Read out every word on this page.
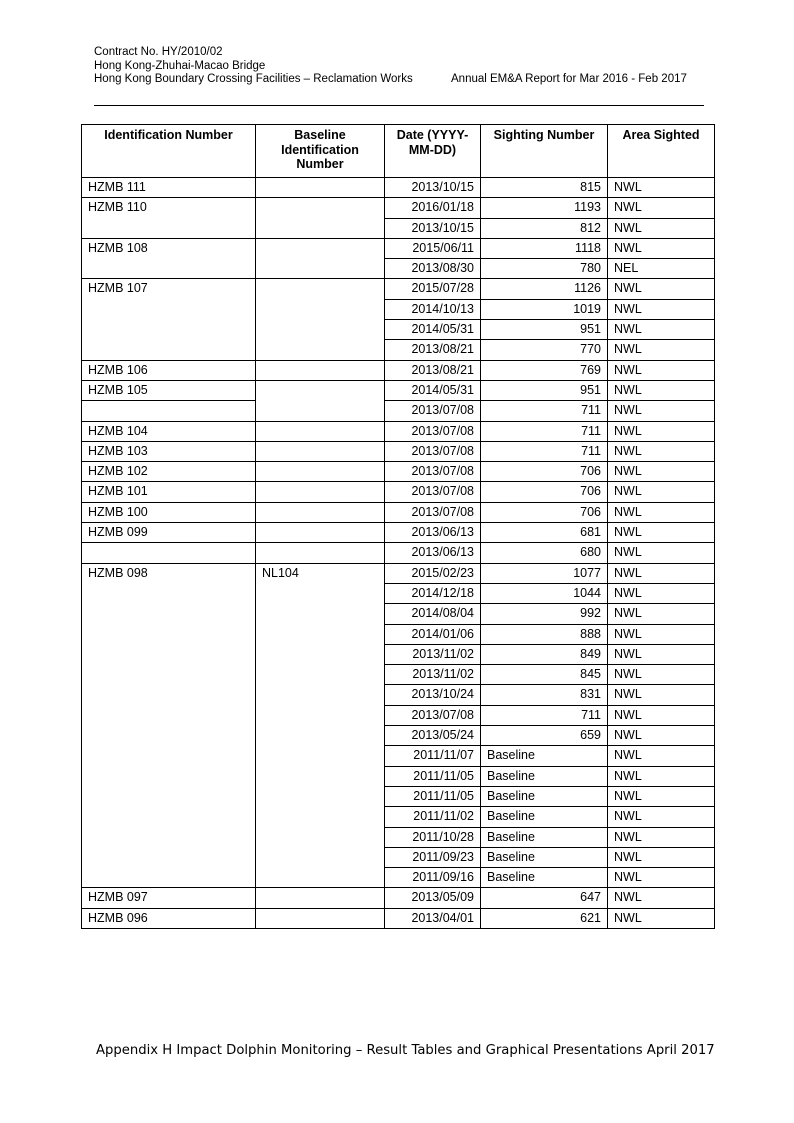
Contract No. HY/2010/02
Hong Kong-Zhuhai-Macao Bridge
Hong Kong Boundary Crossing Facilities – Reclamation Works	Annual EM&A Report for Mar 2016 - Feb 2017
Identification Number	Baseline Identification Number	Date (YYYY-MM-DD)	Sighting Number	Area Sighted
HZMB 111		2013/10/15	815	NWL
HZMB 110		2016/01/18	1193	NWL
		2013/10/15	812	NWL
HZMB 108		2015/06/11	1118	NWL
		2013/08/30	780	NEL
HZMB 107		2015/07/28	1126	NWL
		2014/10/13	1019	NWL
		2014/05/31	951	NWL
		2013/08/21	770	NWL
HZMB 106		2013/08/21	769	NWL
HZMB 105		2014/05/31	951	NWL
		2013/07/08	711	NWL
HZMB 104		2013/07/08	711	NWL
HZMB 103		2013/07/08	711	NWL
HZMB 102		2013/07/08	706	NWL
HZMB 101		2013/07/08	706	NWL
HZMB 100		2013/07/08	706	NWL
HZMB 099		2013/06/13	681	NWL
		2013/06/13	680	NWL
HZMB 098	NL104	2015/02/23	1077	NWL
		2014/12/18	1044	NWL
		2014/08/04	992	NWL
		2014/01/06	888	NWL
		2013/11/02	849	NWL
		2013/11/02	845	NWL
		2013/10/24	831	NWL
		2013/07/08	711	NWL
		2013/05/24	659	NWL
		2011/11/07	Baseline	NWL
		2011/11/05	Baseline	NWL
		2011/11/05	Baseline	NWL
		2011/11/02	Baseline	NWL
		2011/10/28	Baseline	NWL
		2011/09/23	Baseline	NWL
		2011/09/16	Baseline	NWL
HZMB 097		2013/05/09	647	NWL
HZMB 096		2013/04/01	621	NWL
Appendix H Impact Dolphin Monitoring – Result Tables and Graphical Presentations April 2017
